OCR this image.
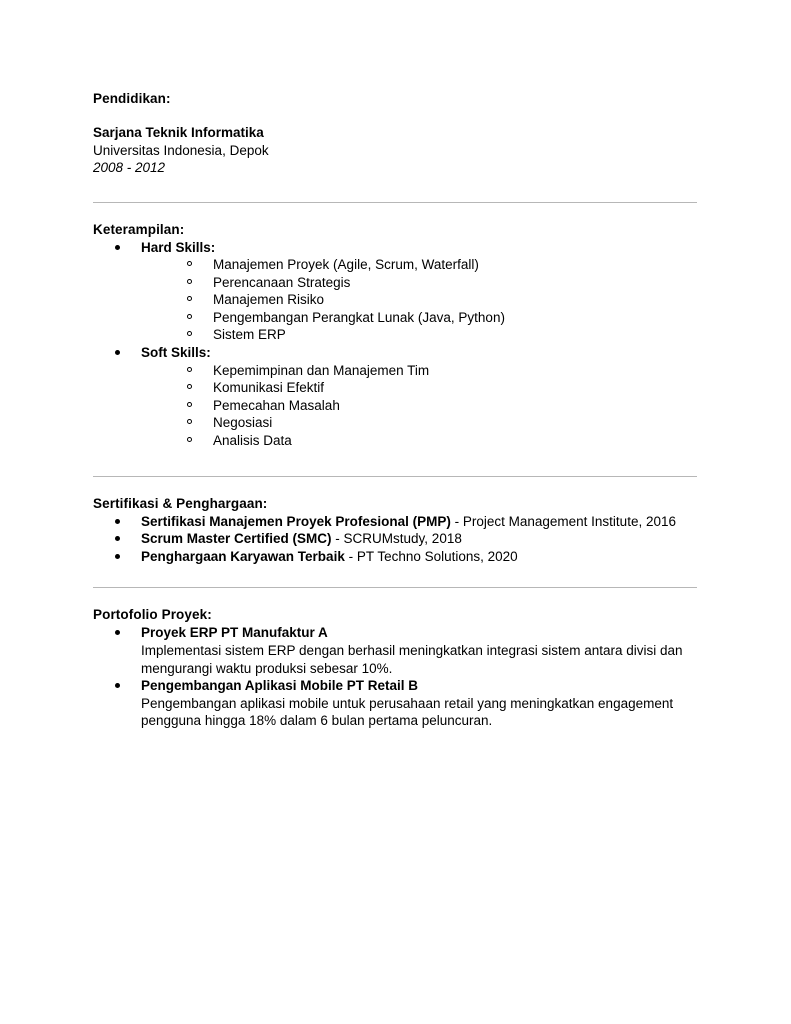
Pendidikan:
Sarjana Teknik Informatika
Universitas Indonesia, Depok
2008 - 2012
Keterampilan:
Hard Skills:
Manajemen Proyek (Agile, Scrum, Waterfall)
Perencanaan Strategis
Manajemen Risiko
Pengembangan Perangkat Lunak (Java, Python)
Sistem ERP
Soft Skills:
Kepemimpinan dan Manajemen Tim
Komunikasi Efektif
Pemecahan Masalah
Negosiasi
Analisis Data
Sertifikasi & Penghargaan:
Sertifikasi Manajemen Proyek Profesional (PMP) - Project Management Institute, 2016
Scrum Master Certified (SMC) - SCRUMstudy, 2018
Penghargaan Karyawan Terbaik - PT Techno Solutions, 2020
Portofolio Proyek:
Proyek ERP PT Manufaktur A
Implementasi sistem ERP dengan berhasil meningkatkan integrasi sistem antara divisi dan mengurangi waktu produksi sebesar 10%.
Pengembangan Aplikasi Mobile PT Retail B
Pengembangan aplikasi mobile untuk perusahaan retail yang meningkatkan engagement pengguna hingga 18% dalam 6 bulan pertama peluncuran.
